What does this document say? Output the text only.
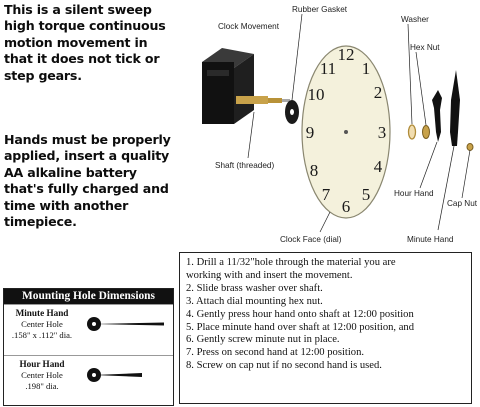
This is a silent sweep high torque continuous motion movement in that it does not tick or step gears.
Hands must be properly applied, insert a quality AA alkaline battery that's fully charged and time with another timepiece.
12
1
2
3
4
5
6
7
8
9
10
11
Rubber Gasket
Washer
Clock Movement
Hex Nut
Shaft (threaded)
Hour Hand
Cap Nut
Clock Face (dial)	Minute Hand
1. Drill a 11/32"hole through the material you are
working with and insert the movement.
2. Slide brass washer over shaft.
3. Attach dial mounting hex nut.
4. Gently press hour hand onto shaft at 12:00 position
5. Place minute hand over shaft at 12:00 position, and
6. Gently screw minute nut in place.
7. Press on second hand at 12:00 position.
8. Screw on cap nut if no second hand is used.
Mounting Hole Dimensions
Minute Hand
Center Hole
.158" x .112" dia.
Hour Hand
Center Hole
.198" dia.
